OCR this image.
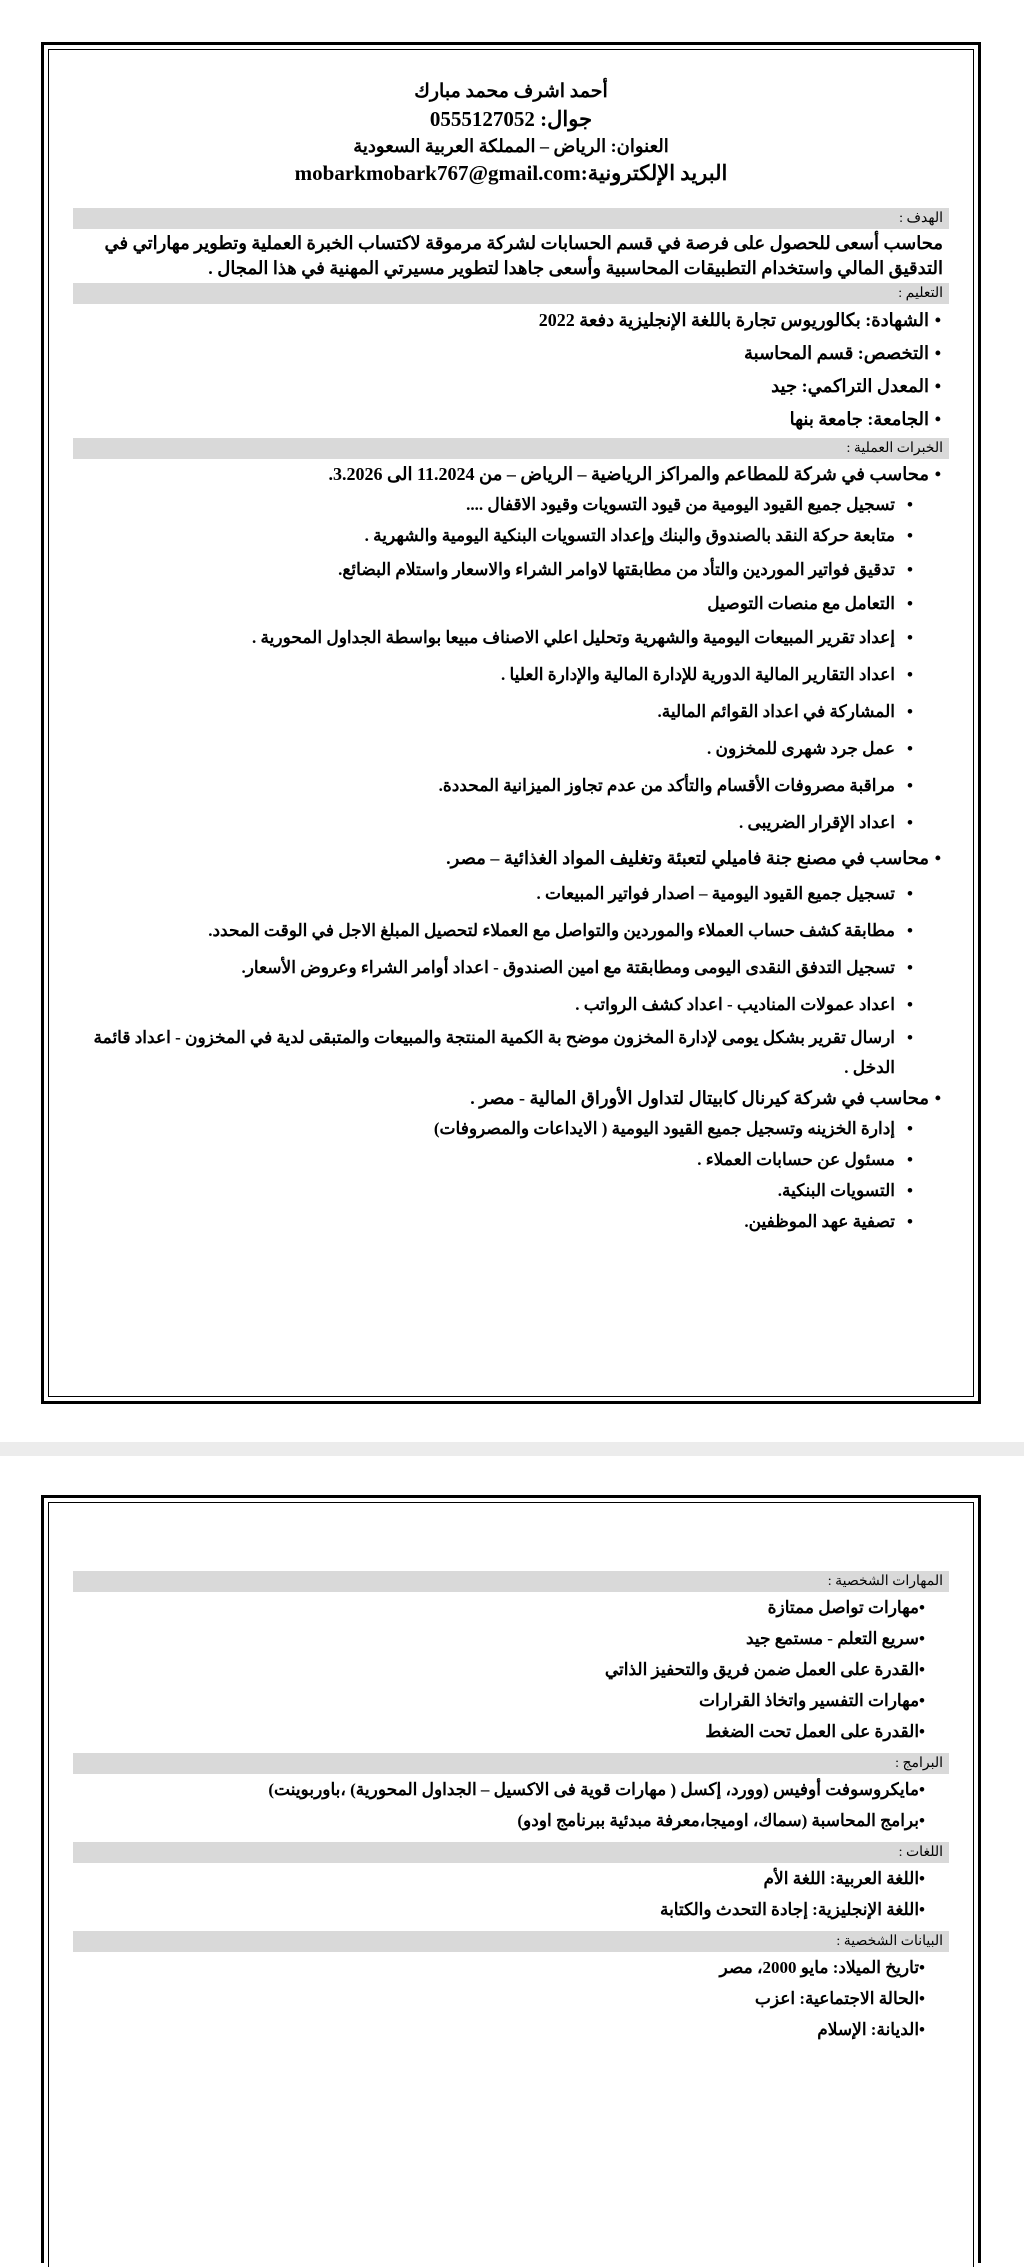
أحمد اشرف محمد مبارك
جوال: 0555127052
العنوان: الرياض – المملكة العربية السعودية
البريد الإلكترونية:mobarkmobark767@gmail.com
الهدف :
محاسب أسعى للحصول على فرصة في قسم الحسابات لشركة مرموقة لاكتساب الخبرة العملية وتطوير مهاراتي في التدقيق المالي واستخدام التطبيقات المحاسبية وأسعى جاهدا لتطوير مسيرتي المهنية في هذا المجال .
التعليم :
• الشهادة: بكالوريوس تجارة باللغة الإنجليزية دفعة 2022
• التخصص: قسم المحاسبة
• المعدل التراكمي: جيد
• الجامعة: جامعة بنها
الخبرات العملية :
• محاسب في شركة للمطاعم والمراكز الرياضية – الرياض – من 11.2024 الى 3.2026.
• تسجيل جميع القيود اليومية من قيود التسويات وقيود الاقفال ....
• متابعة حركة النقد بالصندوق والبنك وإعداد التسويات البنكية اليومية والشهرية .
• تدقيق فواتير الموردين والتأد من مطابقتها لاوامر الشراء والاسعار واستلام البضائع.
• التعامل مع منصات التوصيل
• إعداد تقرير المبيعات اليومية والشهرية وتحليل اعلي الاصناف مبيعا بواسطة الجداول المحورية .
• اعداد التقارير المالية الدورية للإدارة المالية والإدارة العليا .
• المشاركة في اعداد القوائم المالية.
• عمل جرد شهرى للمخزون .
• مراقبة مصروفات الأقسام والتأكد من عدم تجاوز الميزانية المحددة.
• اعداد الإقرار الضريبى .
• محاسب في مصنع جنة فاميلي لتعبئة وتغليف المواد الغذائية – مصر.
• تسجيل جميع القيود اليومية – اصدار فواتير المبيعات .
• مطابقة كشف حساب العملاء والموردين والتواصل مع العملاء لتحصيل المبلغ الاجل في الوقت المحدد.
• تسجيل التدفق النقدى اليومى ومطابقتة مع امين الصندوق - اعداد أوامر الشراء وعروض الأسعار.
• اعداد عمولات المناديب - اعداد كشف الرواتب .
• ارسال تقرير بشكل يومى لإدارة المخزون موضح بة الكمية المنتجة والمبيعات والمتبقى لدية في المخزون - اعداد قائمة الدخل .
• محاسب في شركة كيرنال كابيتال لتداول الأوراق المالية - مصر .
• إدارة الخزينه وتسجيل جميع القيود اليومية ( الايداعات والمصروفات)
• مسئول عن حسابات العملاء .
• التسويات البنكية.
• تصفية عهد الموظفين.
المهارات الشخصية :
•مهارات تواصل ممتازة
•سريع التعلم - مستمع جيد
•القدرة على العمل ضمن فريق والتحفيز الذاتي
•مهارات التفسير واتخاذ القرارات
•القدرة على العمل تحت الضغط
البرامج :
•مايكروسوفت أوفيس (وورد، إكسل ( مهارات قوية فى الاكسيل – الجداول المحورية) ،باوربوينت)
•برامج المحاسبة (سماك، اوميجا،معرفة مبدئية ببرنامج اودو)
اللغات :
•اللغة العربية: اللغة الأم
•اللغة الإنجليزية: إجادة التحدث والكتابة
البيانات الشخصية :
•تاريخ الميلاد: مايو 2000، مصر
•الحالة الاجتماعية: اعزب
•الديانة: الإسلام
